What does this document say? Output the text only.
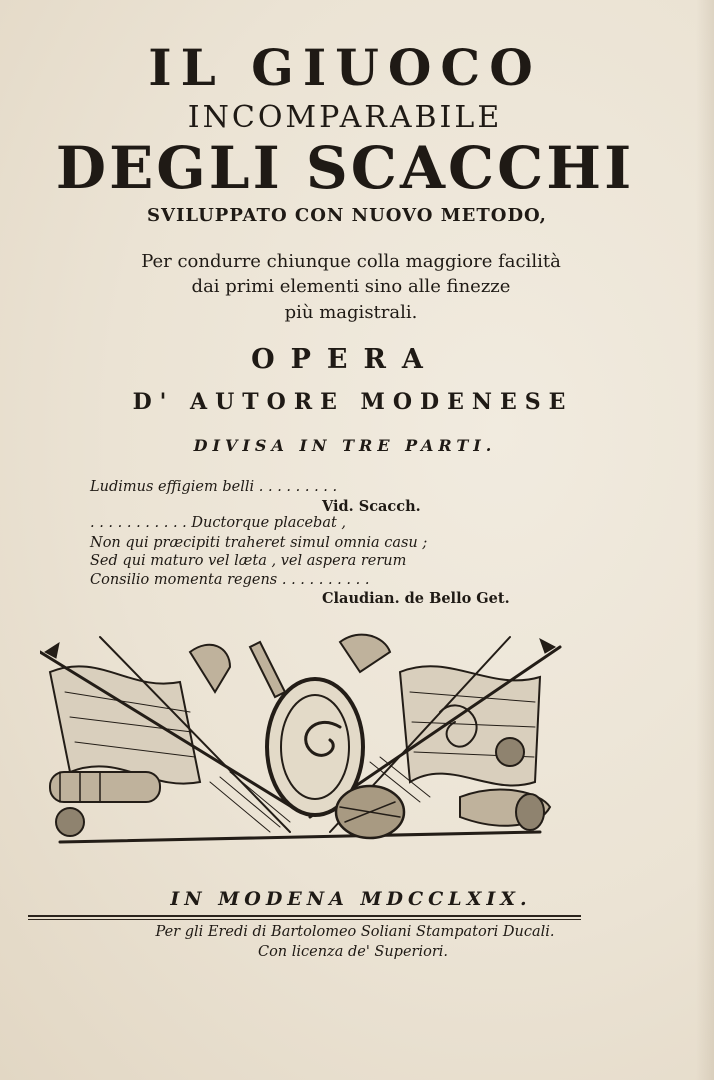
IL GIUOCO
INCOMPARABILE
DEGLI SCACCHI
SVILUPPATO CON NUOVO METODO,
Per condurre chiunque colla maggiore facilità
dai primi elementi sino alle finezze
più magistrali.
OPERA
D' AUTORE MODENESE
DIVISA IN TRE PARTI.
Ludimus effigiem belli . . . . . . . . .
Vid. Scacch.
. . . . . . . . . . . Ductorque placebat ,
Non qui præcipiti traheret simul omnia casu ;
Sed qui maturo vel læta , vel aspera rerum
Consilio momenta regens . . . . . . . . . .
Claudian. de Bello Get.
IN MODENA MDCCLXIX.
Per gli Eredi di Bartolomeo Soliani Stampatori Ducali.
Con licenza de' Superiori.
